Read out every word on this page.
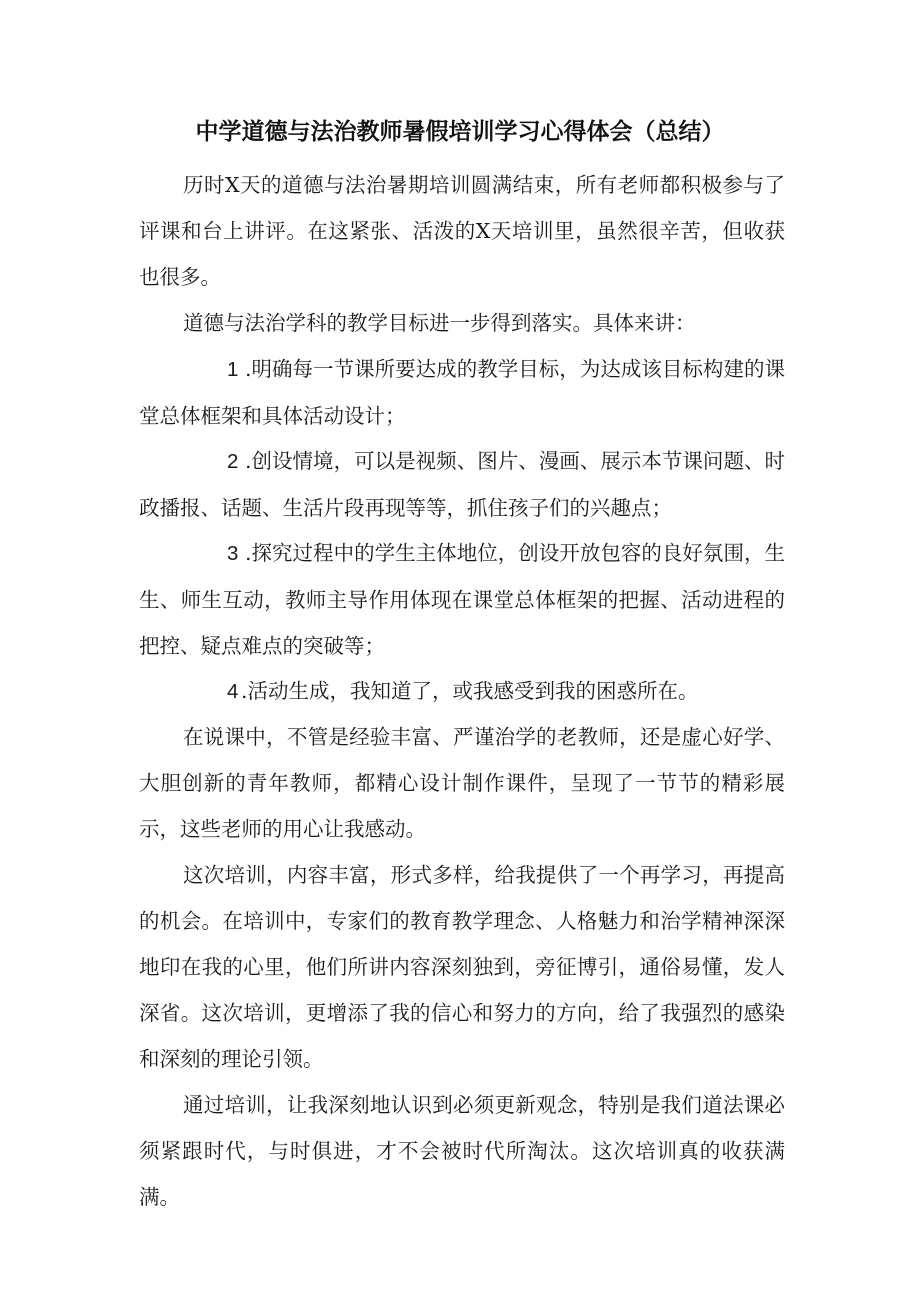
中学道德与法治教师暑假培训学习心得体会（总结）

历时X天的道德与法治暑期培训圆满结束，所有老师都积极参与了评课和台上讲评。在这紧张、活泼的X天培训里，虽然很辛苦，但收获也很多。

道德与法治学科的教学目标进一步得到落实。具体来讲：

1 .明确每一节课所要达成的教学目标，为达成该目标构建的课堂总体框架和具体活动设计；

2 .创设情境，可以是视频、图片、漫画、展示本节课问题、时政播报、话题、生活片段再现等等，抓住孩子们的兴趣点；

3 .探究过程中的学生主体地位，创设开放包容的良好氛围，生生、师生互动，教师主导作用体现在课堂总体框架的把握、活动进程的把控、疑点难点的突破等；

4 .活动生成，我知道了，或我感受到我的困惑所在。

在说课中，不管是经验丰富、严谨治学的老教师，还是虚心好学、大胆创新的青年教师，都精心设计制作课件，呈现了一节节的精彩展示，这些老师的用心让我感动。

这次培训，内容丰富，形式多样，给我提供了一个再学习，再提高的机会。在培训中，专家们的教育教学理念、人格魅力和治学精神深深地印在我的心里，他们所讲内容深刻独到，旁征博引，通俗易懂，发人深省。这次培训，更增添了我的信心和努力的方向，给了我强烈的感染和深刻的理论引领。

通过培训，让我深刻地认识到必须更新观念，特别是我们道法课必须紧跟时代，与时俱进，才不会被时代所淘汰。这次培训真的收获满满。
